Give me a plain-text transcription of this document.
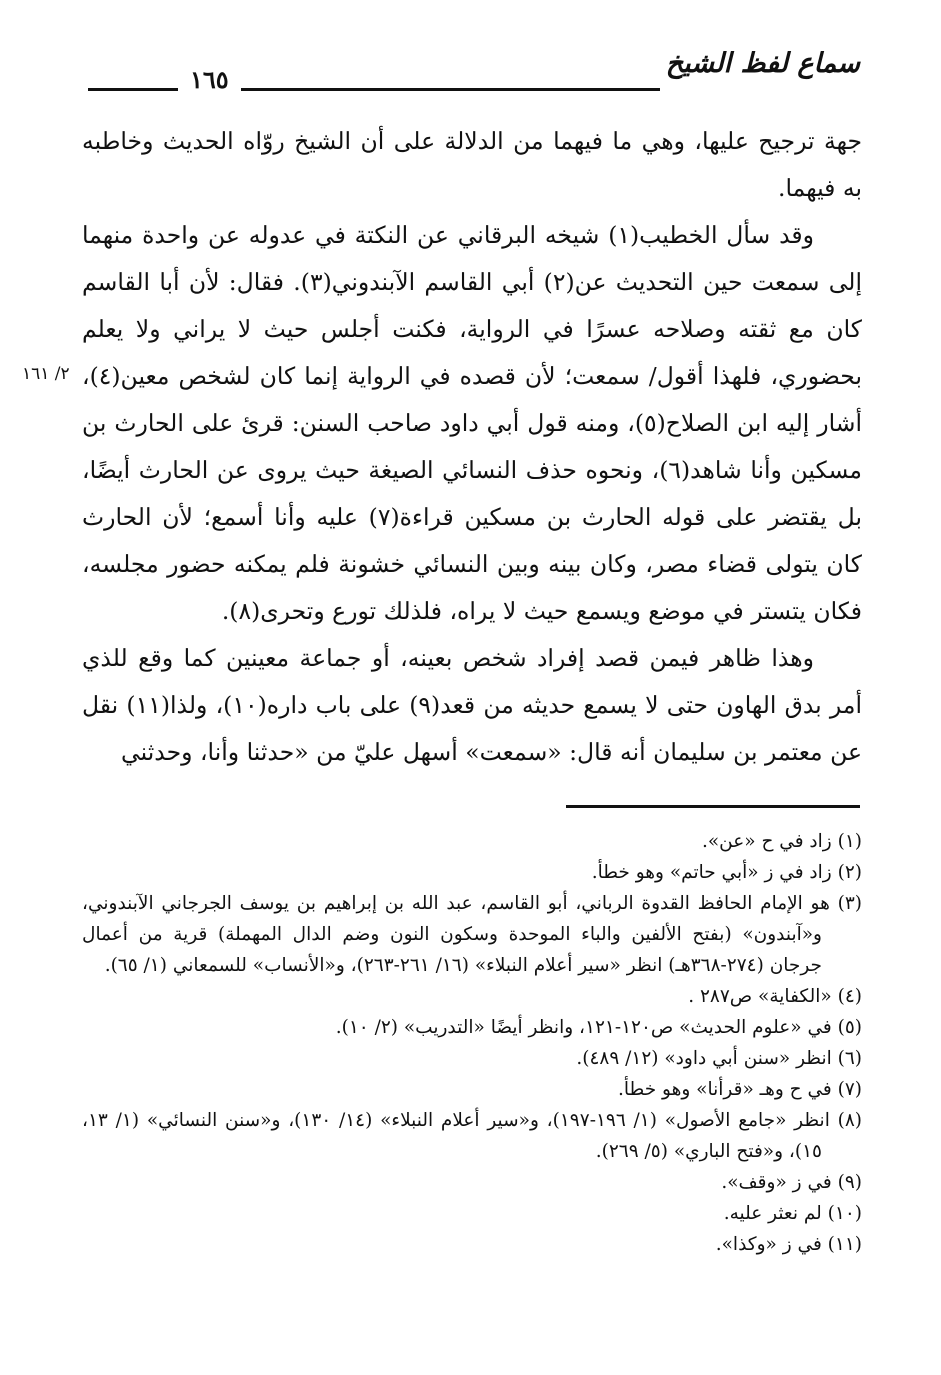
سماع لفظ الشيخ
١٦٥
٢/ ١٦١

جهة ترجيح عليها، وهي ما فيهما من الدلالة على أن الشيخ روّاه الحديث وخاطبه به فيهما.

وقد سأل الخطيب(١) شيخه البرقاني عن النكتة في عدوله عن واحدة منهما إلى سمعت حين التحديث عن(٢) أبي القاسم الآبندوني(٣). فقال: لأن أبا القاسم كان مع ثقته وصلاحه عسرًا في الرواية، فكنت أجلس حيث لا يراني ولا يعلم بحضوري، فلهذا أقول/ سمعت؛ لأن قصده في الرواية إنما كان لشخص معين(٤)، أشار إليه ابن الصلاح(٥)، ومنه قول أبي داود صاحب السنن: قرئ على الحارث بن مسكين وأنا شاهد(٦)، ونحوه حذف النسائي الصيغة حيث يروى عن الحارث أيضًا، بل يقتضر على قوله الحارث بن مسكين قراءة(٧) عليه وأنا أسمع؛ لأن الحارث كان يتولى قضاء مصر، وكان بينه وبين النسائي خشونة فلم يمكنه حضور مجلسه، فكان يتستر في موضع ويسمع حيث لا يراه، فلذلك تورع وتحرى(٨).

وهذا ظاهر فيمن قصد إفراد شخص بعينه، أو جماعة معينين كما وقع للذي أمر بدق الهاون حتى لا يسمع حديثه من قعد(٩) على باب داره(١٠)، ولذا(١١) نقل عن معتمر بن سليمان أنه قال: «سمعت» أسهل عليّ من «حدثنا وأنا، وحدثني

(١) زاد في ح «عن».

(٢) زاد في ز «أبي حاتم» وهو خطأ.

(٣) هو الإمام الحافظ القدوة الرباني، أبو القاسم، عبد الله بن إبراهيم بن يوسف الجرجاني الآبندوني، و«آبندون» (بفتح الألفين والباء الموحدة وسكون النون وضم الدال المهملة) قرية من أعمال جرجان (٢٧٤-٣٦٨هـ) انظر «سير أعلام النبلاء» (١٦/ ٢٦١-٢٦٣)، و«الأنساب» للسمعاني (١/ ٦٥).

(٤) «الكفاية» ص٢٨٧ .

(٥) في «علوم الحديث» ص١٢٠-١٢١، وانظر أيضًا «التدريب» (٢/ ١٠).

(٦) انظر «سنن أبي داود» (١٢/ ٤٨٩).

(٧) في ح وهـ «قرأنا» وهو خطأ.

(٨) انظر «جامع الأصول» (١/ ١٩٦-١٩٧)، و«سير أعلام النبلاء» (١٤/ ١٣٠)، و«سنن النسائي» (١/ ١٣، ١٥)، و«فتح الباري» (٥/ ٢٦٩).

(٩) في ز «وقف».

(١٠) لم نعثر عليه.

(١١) في ز «وكذا».
